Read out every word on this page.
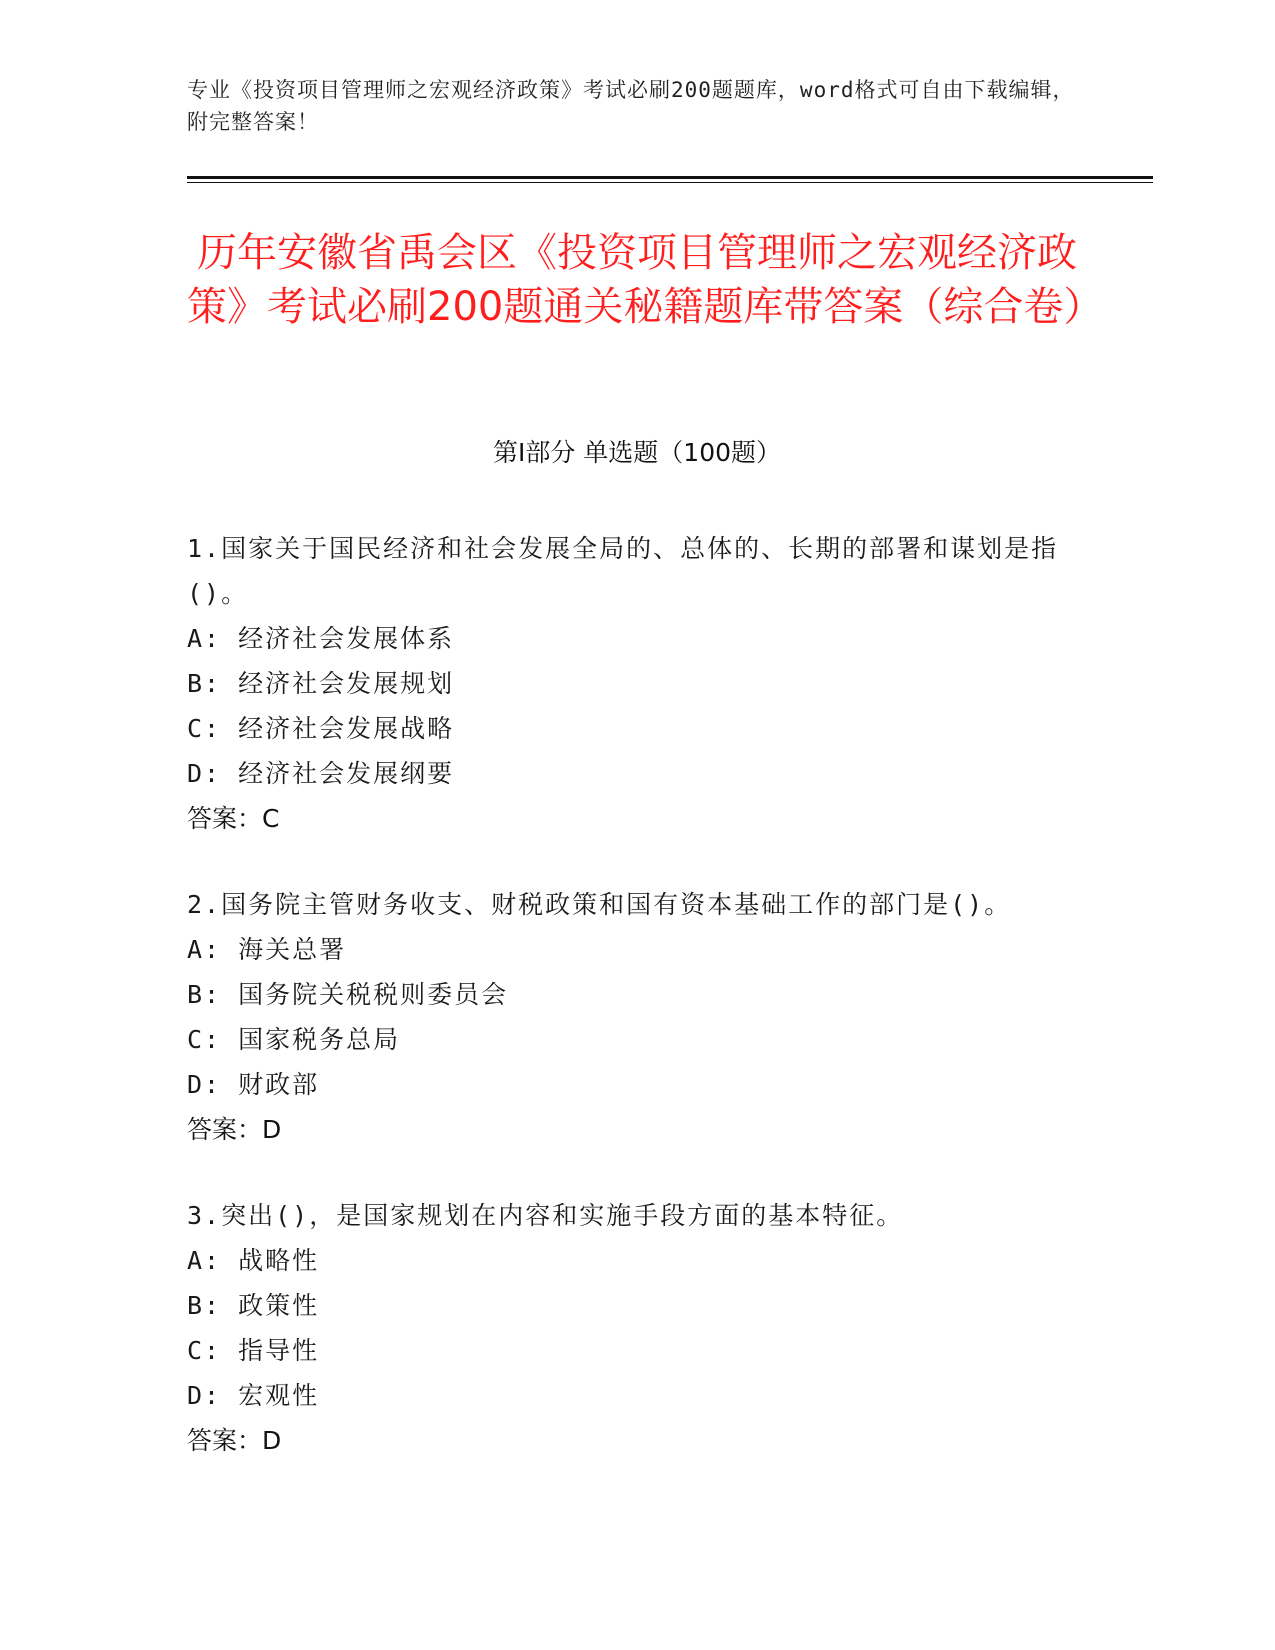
专业《投资项目管理师之宏观经济政策》考试必刷200题题库，word格式可自由下载编辑，附完整答案！
历年安徽省禹会区《投资项目管理师之宏观经济政策》考试必刷200题通关秘籍题库带答案（综合卷）
第Ⅰ部分 单选题（100题）

1.国家关于国民经济和社会发展全局的、总体的、长期的部署和谋划是指()。

A: 经济社会发展体系
B: 经济社会发展规划
C: 经济社会发展战略
D: 经济社会发展纲要
答案：C

2.国务院主管财务收支、财税政策和国有资本基础工作的部门是()。

A: 海关总署
B: 国务院关税税则委员会
C: 国家税务总局
D: 财政部
答案：D

3.突出()，是国家规划在内容和实施手段方面的基本特征。

A: 战略性
B: 政策性
C: 指导性
D: 宏观性
答案：D
